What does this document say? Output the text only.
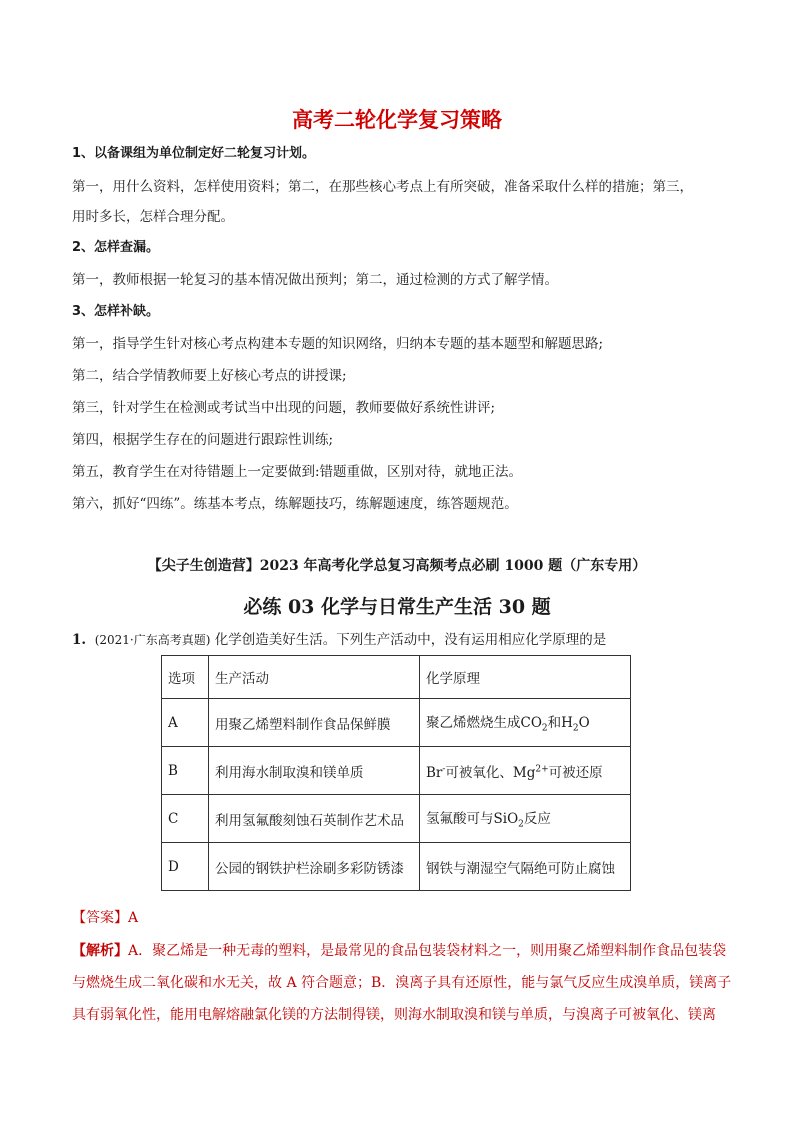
高考二轮化学复习策略
1、以备课组为单位制定好二轮复习计划。
第一，用什么资料，怎样使用资料；第二，在那些核心考点上有所突破，准备采取什么样的措施；第三，
用时多长，怎样合理分配。
2、怎样查漏。
第一，教师根据一轮复习的基本情况做出预判；第二，通过检测的方式了解学情。
3、怎样补缺。
第一，指导学生针对核心考点构建本专题的知识网络，归纳本专题的基本题型和解题思路;
第二，结合学情教师要上好核心考点的讲授课;
第三，针对学生在检测或考试当中出现的问题，教师要做好系统性讲评;
第四，根据学生存在的问题进行跟踪性训练;
第五，教育学生在对待错题上一定要做到:错题重做，区别对待，就地正法。
第六，抓好“四练”。练基本考点，练解题技巧，练解题速度，练答题规范。
【尖子生创造营】2023 年高考化学总复习高频考点必刷 1000 题（广东专用）
必练 03 化学与日常生产生活 30 题
1. (2021·广东高考真题) 化学创造美好生活。下列生产活动中，没有运用相应化学原理的是
选项	生产活动	化学原理
A	用聚乙烯塑料制作食品保鲜膜	聚乙烯燃烧生成$CO_2$和$H_2O$
B	利用海水制取溴和镁单质	Br-可被氧化、$Mg^{2+}$可被还原
C	利用氢氟酸刻蚀石英制作艺术品	氢氟酸可与SiO$_2$反应
D	公园的钢铁护栏涂刷多彩防锈漆	钢铁与潮湿空气隔绝可防止腐蚀
【答案】A
【解析】A．聚乙烯是一种无毒的塑料，是最常见的食品包装袋材料之一，则用聚乙烯塑料制作食品包装袋
与燃烧生成二氧化碳和水无关，故 A 符合题意；B．溴离子具有还原性，能与氯气反应生成溴单质，镁离子
具有弱氧化性，能用电解熔融氯化镁的方法制得镁，则海水制取溴和镁与单质，与溴离子可被氧化、镁离
